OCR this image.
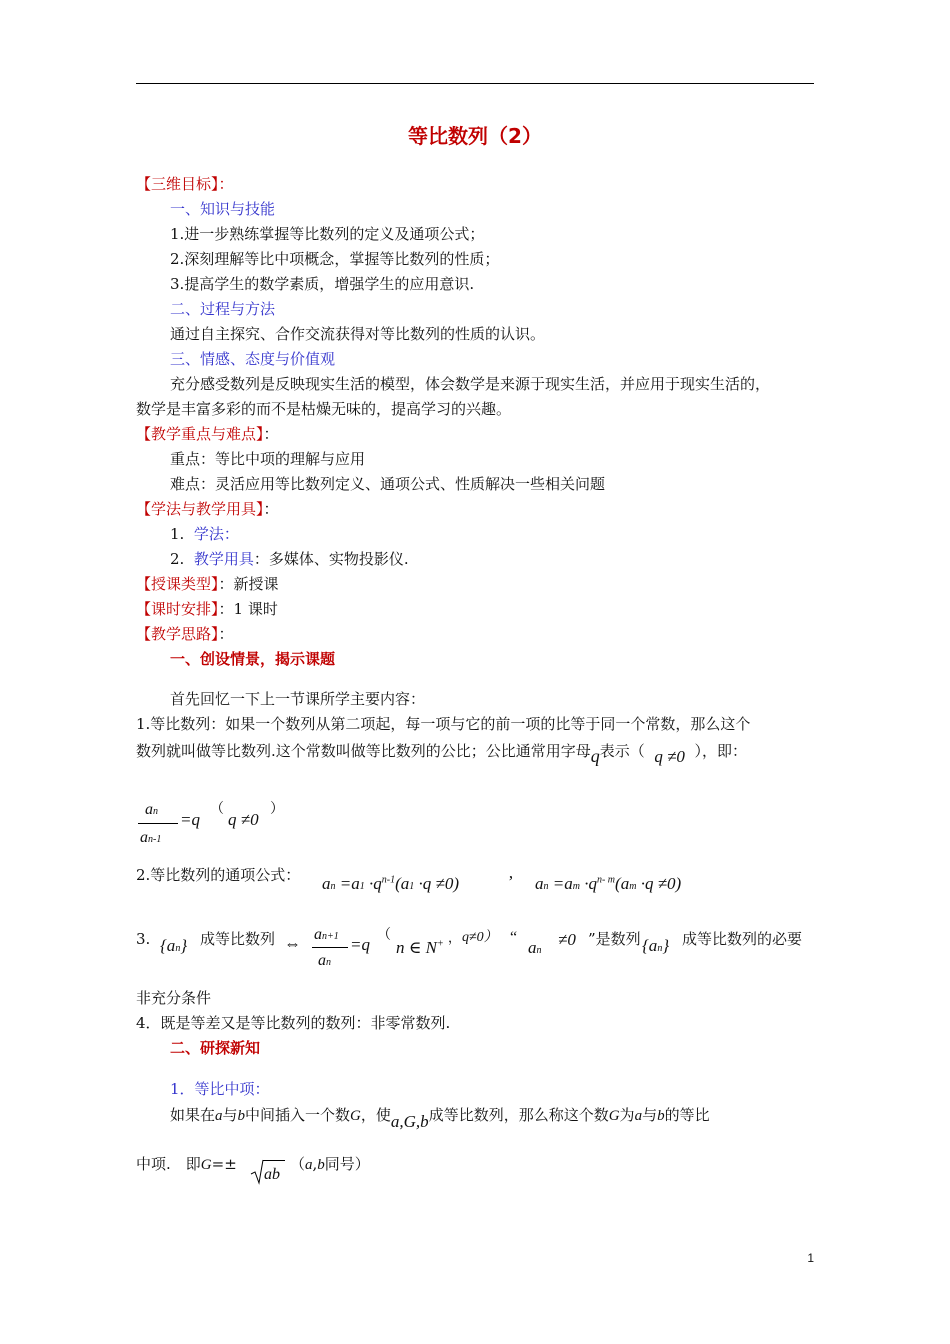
等比数列（2）
【三维目标】：
一、知识与技能
1.进一步熟练掌握等比数列的定义及通项公式；
2.深刻理解等比中项概念，掌握等比数列的性质；
3.提高学生的数学素质，增强学生的应用意识.
二、过程与方法
通过自主探究、合作交流获得对等比数列的性质的认识。
三、情感、态度与价值观
充分感受数列是反映现实生活的模型，体会数学是来源于现实生活，并应用于现实生活的，
数学是丰富多彩的而不是枯燥无味的，提高学习的兴趣。
【教学重点与难点】：
重点：等比中项的理解与应用
难点：灵活应用等比数列定义、通项公式、性质解决一些相关问题
【学法与教学用具】：
1. 学法：
2. 教学用具：多媒体、实物投影仪.
【授课类型】：新授课
【课时安排】：1 课时
【教学思路】：
一、创设情景，揭示课题
首先回忆一下上一节课所学主要内容：
1.等比数列：如果一个数列从第二项起，每一项与它的前一项的比等于同一个常数，那么这个
数列就叫做等比数列.这个常数叫做等比数列的公比；公比通常用字母q表示（ q ≠0 ），即：
an
an-1
=q
（
q ≠0
）
2.等比数列的通项公式： an $=a1 \cdot q^{n-1}(a1 \cdot q \ne 0)$	’ an $=am \cdot q^{n- m}(am \cdot q \ne 0)$
3. {an} 成等比数列 ⇔ an+1
an
=q （
n ∈ N+ ， q≠0） “
an
≠0 ”是数列 {an} 成等比数列的必要
非充分条件
4．既是等差又是等比数列的数列：非零常数列.
二、研探新知
1．等比中项：
如果在a与b中间插入一个数G，使a,G,b成等比数列，那么称这个数G为a与b的等比
中项.　即G=±
ab
（a,b同号）
1
